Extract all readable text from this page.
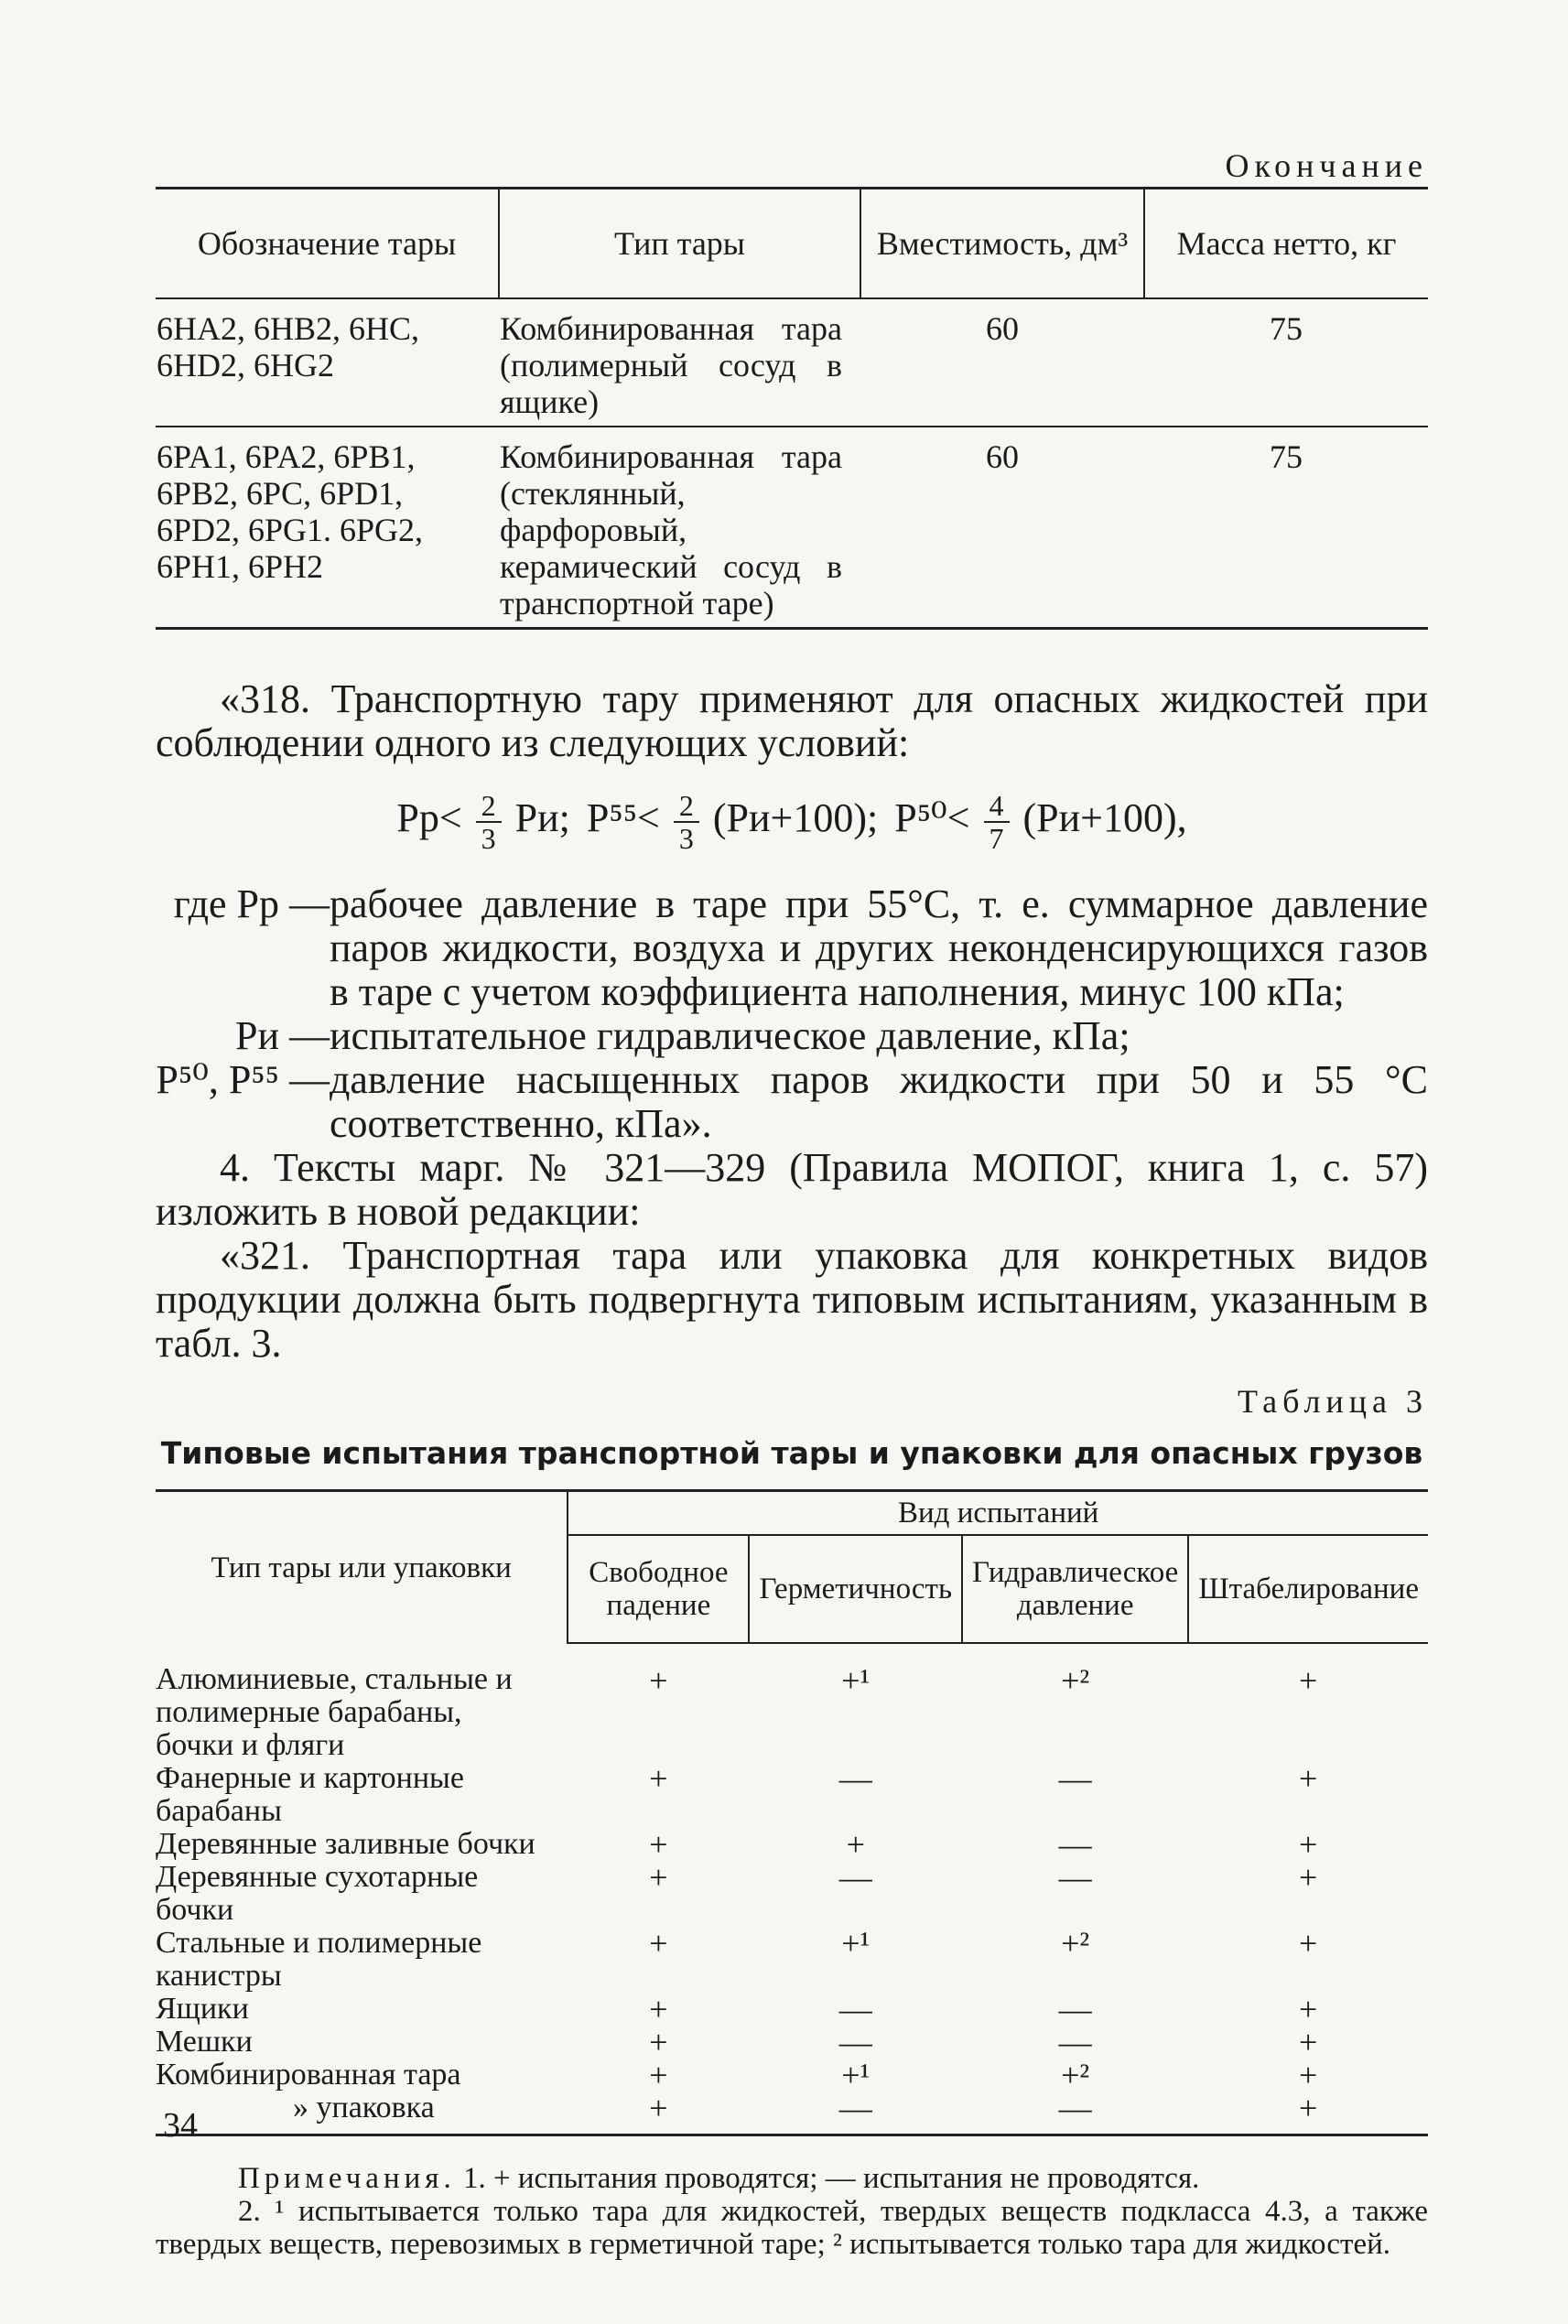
Окончание
Обозначение тары	Тип тары	Вместимость, дм³	Масса нетто, кг
6HA2, 6HB2, 6HC, 6HD2, 6HG2	Комбинированная тара (полимерный сосуд в ящике)	60	75
6PA1, 6PA2, 6PB1, 6PB2, 6PC, 6PD1, 6PD2, 6PG1. 6PG2, 6PH1, 6PH2	Комбинированная тара (стеклянный, фарфоровый, керамический сосуд в транспортной таре)	60	75

«318. Транспортную тару применяют для опасных жидкостей при соблюдении одного из следующих условий:

$Pр< \frac{2}{3}$ Pи; $P^{55}< \frac{2}{3} (Pи+100)$; $P^{50}< \frac{4}{7} (Pи+100)$,
где Pр — рабочее давление в таре при 55°С, т. е. суммарное давление паров жидкости, воздуха и других неконденсирующихся газов в таре с учетом коэффициента наполнения, минус 100 кПа;
Pи — испытательное гидравлическое давление, кПа;
P⁵⁰, P⁵⁵ — давление насыщенных паров жидкости при 50 и 55 °С соответственно, кПа».

4. Тексты марг. № 321—329 (Правила МОПОГ, книга 1, с. 57) изложить в новой редакции:

«321. Транспортная тара или упаковка для конкретных видов продукции должна быть подвергнута типовым испытаниям, указанным в табл. 3.

Таблица 3
Типовые испытания транспортной тары и упаковки для опасных грузов
Тип тары или упаковки	Вид испытаний			
	Свободное падение	Герметичность	Гидравлическое давление	Штабелирование
Алюминиевые, стальные и полимерные барабаны, бочки и фляги	+	+¹	+²	+
Фанерные и картонные барабаны	+	—	—	+
Деревянные заливные бочки	+	+	—	+
Деревянные сухотарные бочки	+	—	—	+
Стальные и полимерные канистры	+	+¹	+²	+
Ящики	+	—	—	+
Мешки	+	—	—	+
Комбинированная тара	+	+¹	+²	+
» упаковка	+	—	—	+

Примечания. 1. + испытания проводятся; — испытания не проводятся.

2. ¹ испытывается только тара для жидкостей, твердых веществ подкласса 4.3, а также твердых веществ, перевозимых в герметичной таре; ² испытывается только тара для жидкостей.

34
